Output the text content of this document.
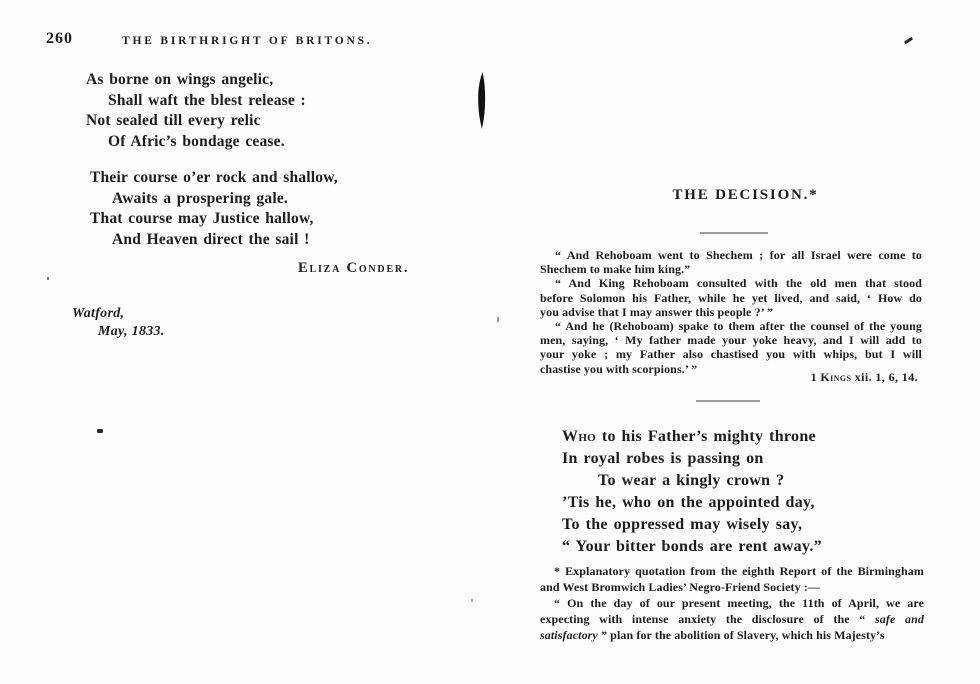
260	THE BIRTHRIGHT OF BRITONS.
As borne on wings angelic,
Shall waft the blest release :
Not sealed till every relic
Of Afric’s bondage cease.
Their course o’er rock and shallow,
Awaits a prospering gale.
That course may Justice hallow,
And Heaven direct the sail !
Eliza Conder.
Watford,
May, 1833.
THE DECISION.*
“ And Rehoboam went to Shechem ; for all Israel were come to
Shechem to make him king.”
“ And King Rehoboam consulted with the old men that stood
before Solomon his Father, while he yet lived, and said, ‘ How do
you advise that I may answer this people ?’ ”
“ And he (Rehoboam) spake to them after the counsel of the young
men, saying, ‘ My father made your yoke heavy, and I will add to
your yoke ; my Father also chastised you with whips, but I will
chastise you with scorpions.’ ”
1 Kings xii. 1, 6, 14.
Who to his Father’s mighty throne
In royal robes is passing on
To wear a kingly crown ?
’Tis he, who on the appointed day,
To the oppressed may wisely say,
“ Your bitter bonds are rent away.”
* Explanatory quotation from the eighth Report of the Birmingham
and West Bromwich Ladies’ Negro-Friend Society :—
“ On the day of our present meeting, the 11th of April, we are
expecting with intense anxiety the disclosure of the “ safe and
satisfactory ” plan for the abolition of Slavery, which his Majesty’s
